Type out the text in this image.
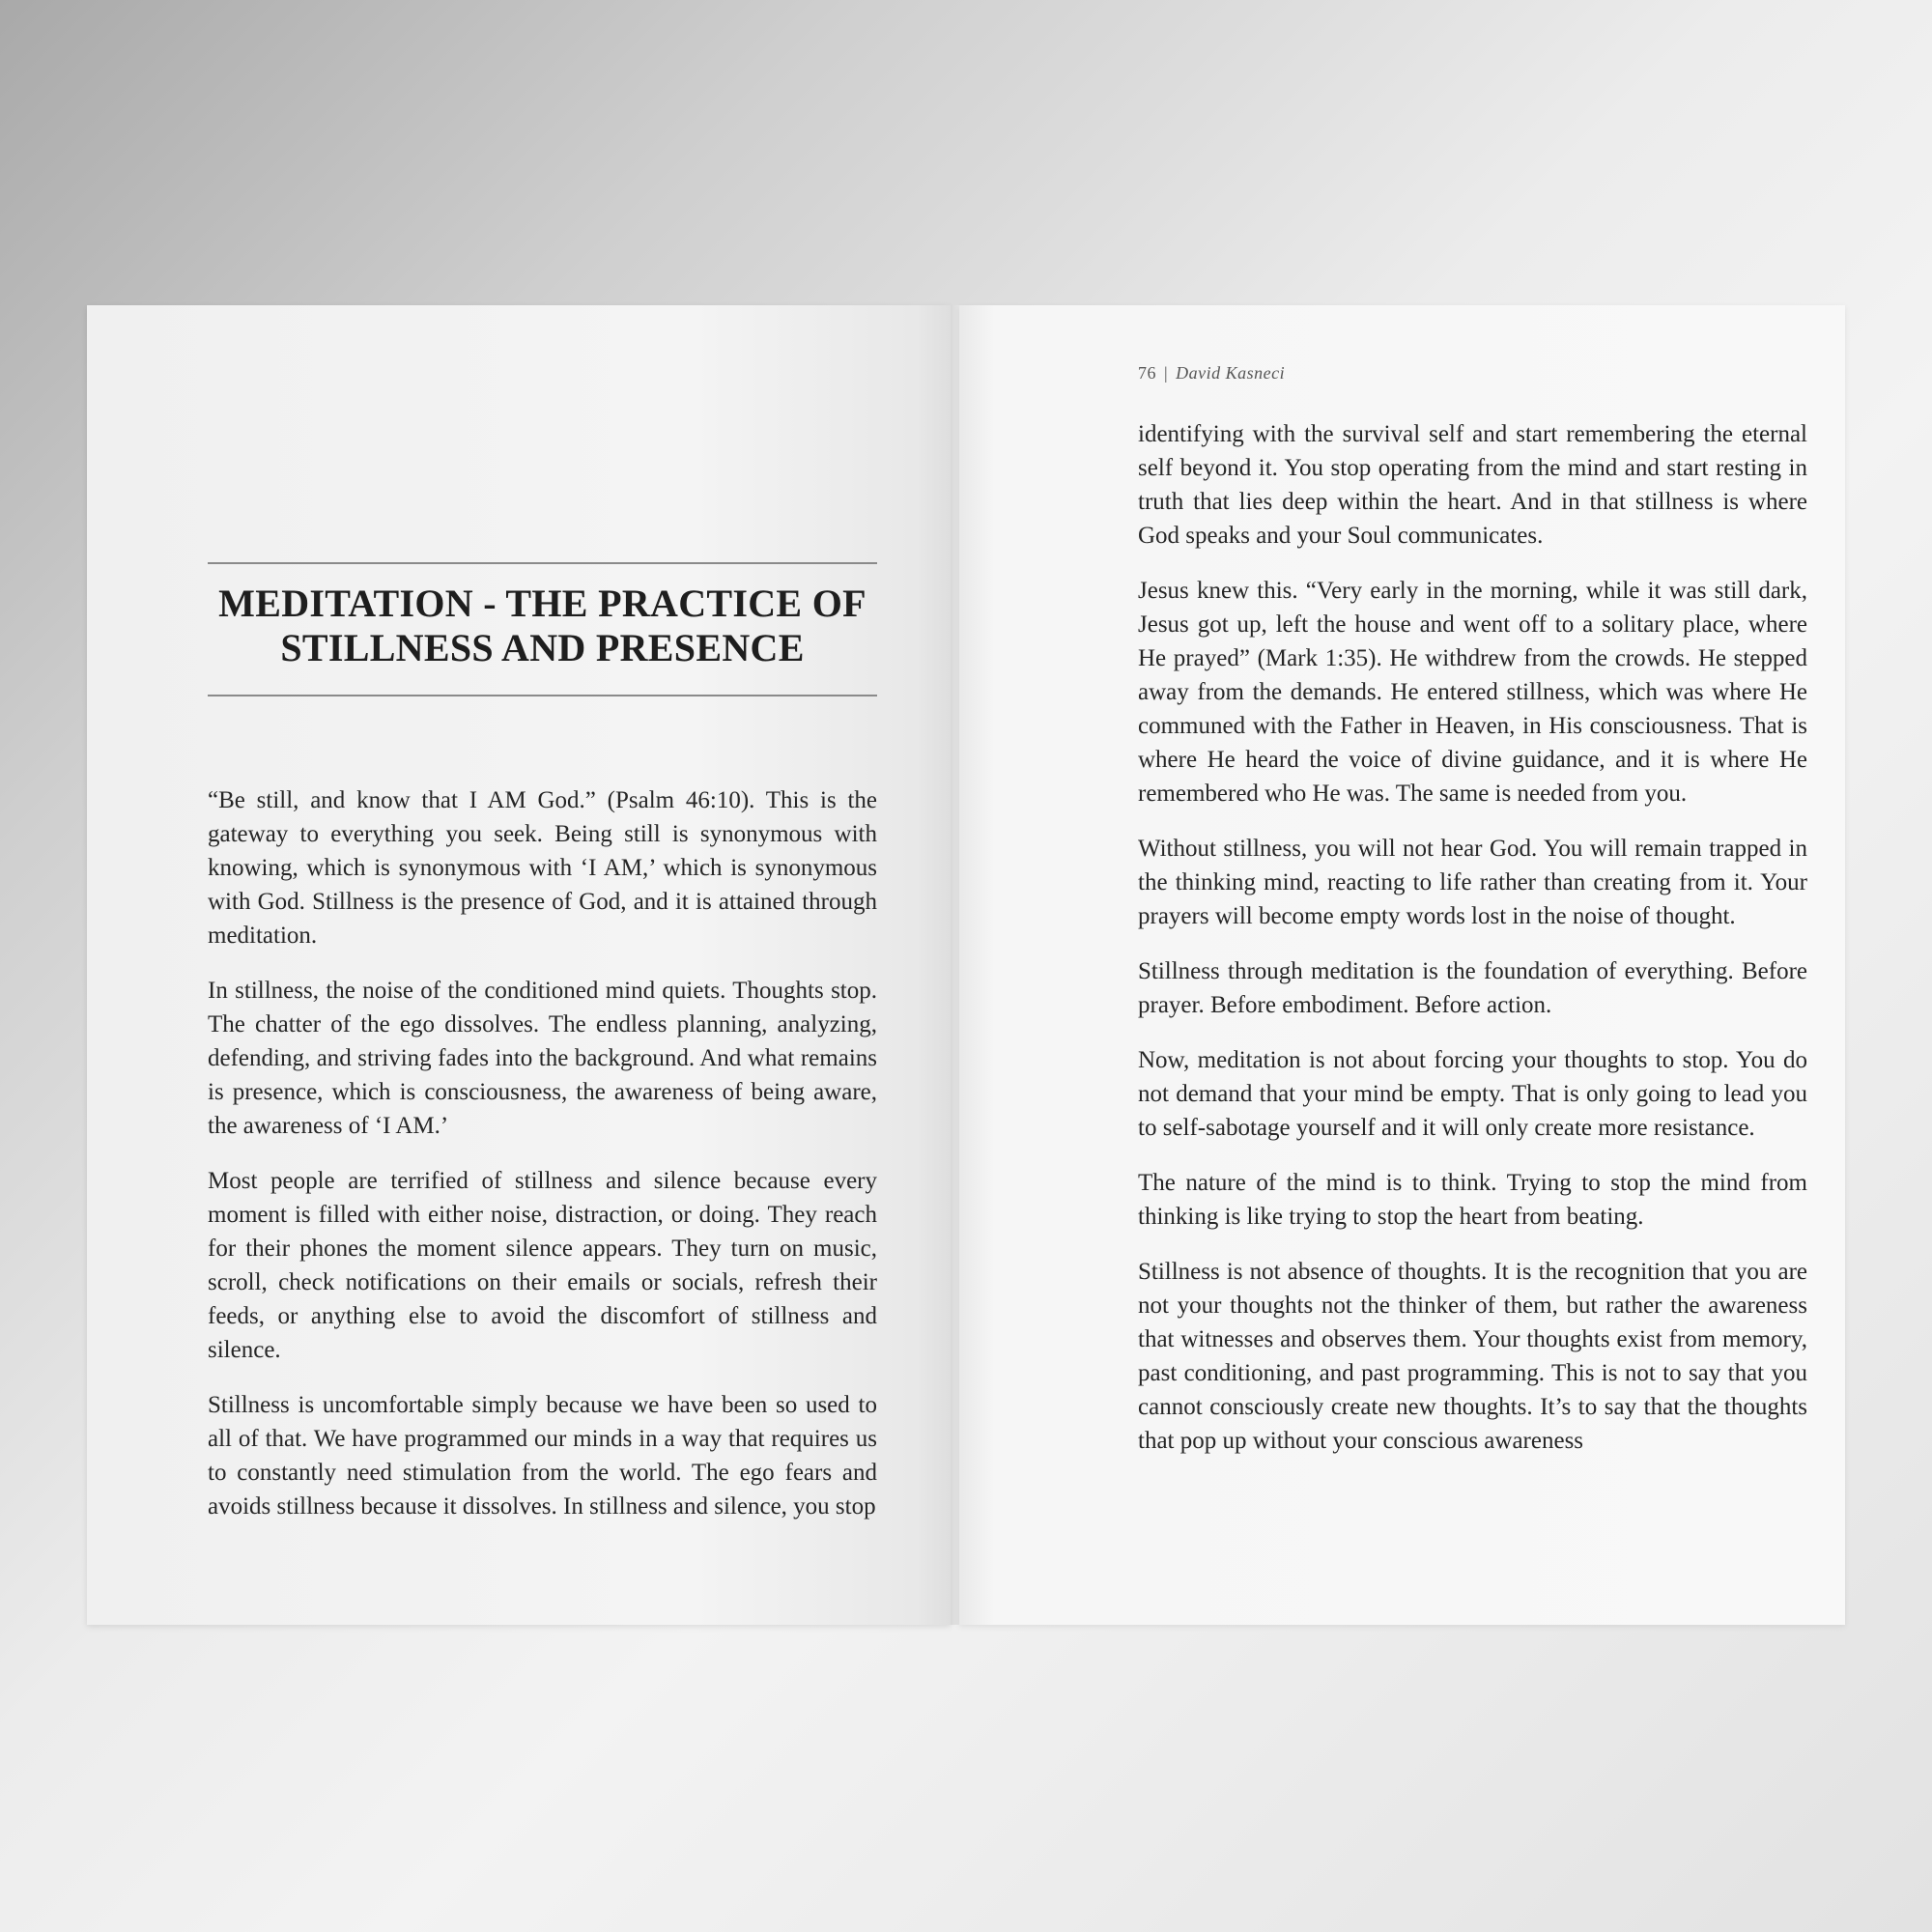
MEDITATION - THE PRACTICE OF
STILLNESS AND PRESENCE

“Be still, and know that I AM God.” (Psalm 46:10). This is the gateway to everything you seek. Being still is synonymous with knowing, which is synonymous with ‘I AM,’ which is synonymous with God. Stillness is the presence of God, and it is attained through meditation.

In stillness, the noise of the conditioned mind quiets. Thoughts stop. The chatter of the ego dissolves. The endless planning, analyzing, defending, and striving fades into the background. And what remains is presence, which is consciousness, the awareness of being aware, the awareness of ‘I AM.’

Most people are terrified of stillness and silence because every moment is filled with either noise, distraction, or doing. They reach for their phones the moment silence appears. They turn on music, scroll, check notifications on their emails or socials, refresh their feeds, or anything else to avoid the discomfort of stillness and silence.

Stillness is uncomfortable simply because we have been so used to all of that. We have programmed our minds in a way that requires us to constantly need stimulation from the world. The ego fears and avoids stillness because it dissolves. In stillness and silence, you stop

76 | David Kasneci

identifying with the survival self and start remembering the eternal self beyond it. You stop operating from the mind and start resting in truth that lies deep within the heart. And in that stillness is where God speaks and your Soul communicates.

Jesus knew this. “Very early in the morning, while it was still dark, Jesus got up, left the house and went off to a solitary place, where He prayed” (Mark 1:35). He withdrew from the crowds. He stepped away from the demands. He entered stillness, which was where He communed with the Father in Heaven, in His consciousness. That is where He heard the voice of divine guidance, and it is where He remembered who He was. The same is needed from you.

Without stillness, you will not hear God. You will remain trapped in the thinking mind, reacting to life rather than creating from it. Your prayers will become empty words lost in the noise of thought.

Stillness through meditation is the foundation of everything. Before prayer. Before embodiment. Before action.

Now, meditation is not about forcing your thoughts to stop. You do not demand that your mind be empty. That is only going to lead you to self-sabotage yourself and it will only create more resistance.

The nature of the mind is to think. Trying to stop the mind from thinking is like trying to stop the heart from beating.

Stillness is not absence of thoughts. It is the recognition that you are not your thoughts not the thinker of them, but rather the awareness that witnesses and observes them. Your thoughts exist from memory, past conditioning, and past programming. This is not to say that you cannot consciously create new thoughts. It’s to say that the thoughts that pop up without your conscious awareness
